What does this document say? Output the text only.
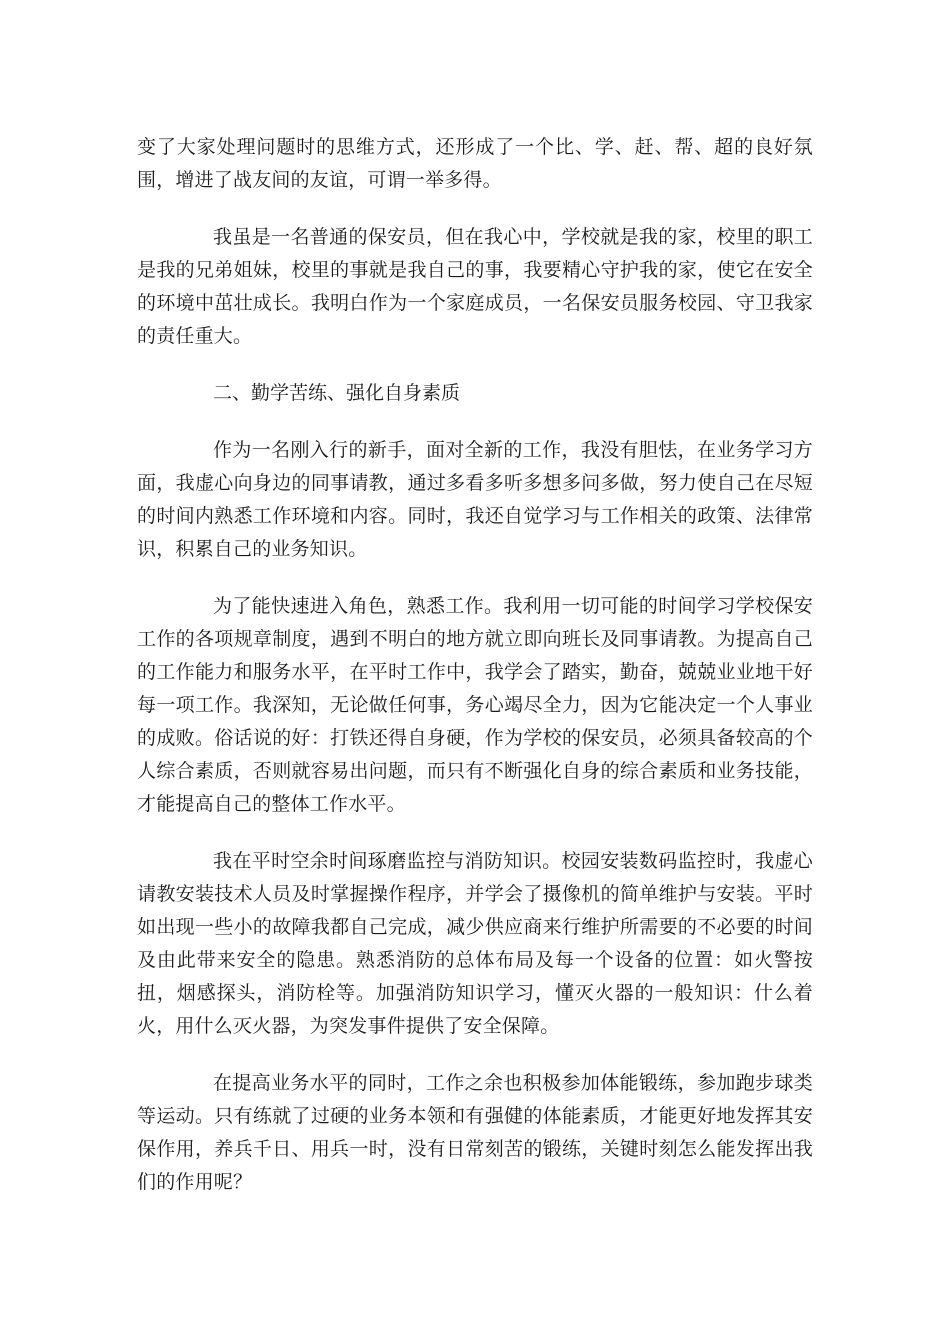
变了大家处理问题时的思维方式，还形成了一个比、学、赶、帮、超的良好氛围，增进了战友间的友谊，可谓一举多得。

我虽是一名普通的保安员，但在我心中，学校就是我的家，校里的职工是我的兄弟姐妹，校里的事就是我自己的事，我要精心守护我的家，使它在安全的环境中茁壮成长。我明白作为一个家庭成员，一名保安员服务校园、守卫我家的责任重大。

二、勤学苦练、强化自身素质

作为一名刚入行的新手，面对全新的工作，我没有胆怯，在业务学习方面，我虚心向身边的同事请教，通过多看多听多想多问多做，努力使自己在尽短的时间内熟悉工作环境和内容。同时，我还自觉学习与工作相关的政策、法律常识，积累自己的业务知识。

为了能快速进入角色，熟悉工作。我利用一切可能的时间学习学校保安工作的各项规章制度，遇到不明白的地方就立即向班长及同事请教。为提高自己的工作能力和服务水平，在平时工作中，我学会了踏实，勤奋，兢兢业业地干好每一项工作。我深知，无论做任何事，务心竭尽全力，因为它能决定一个人事业的成败。俗话说的好：打铁还得自身硬，作为学校的保安员，必须具备较高的个人综合素质，否则就容易出问题，而只有不断强化自身的综合素质和业务技能，才能提高自己的整体工作水平。

我在平时空余时间琢磨监控与消防知识。校园安装数码监控时，我虚心请教安装技术人员及时掌握操作程序，并学会了摄像机的简单维护与安装。平时如出现一些小的故障我都自己完成，减少供应商来行维护所需要的不必要的时间及由此带来安全的隐患。熟悉消防的总体布局及每一个设备的位置：如火警按扭，烟感探头，消防栓等。加强消防知识学习，懂灭火器的一般知识：什么着火，用什么灭火器，为突发事件提供了安全保障。

在提高业务水平的同时，工作之余也积极参加体能锻练，参加跑步球类等运动。只有练就了过硬的业务本领和有强健的体能素质，才能更好地发挥其安保作用，养兵千日、用兵一时，没有日常刻苦的锻练，关键时刻怎么能发挥出我们的作用呢？
